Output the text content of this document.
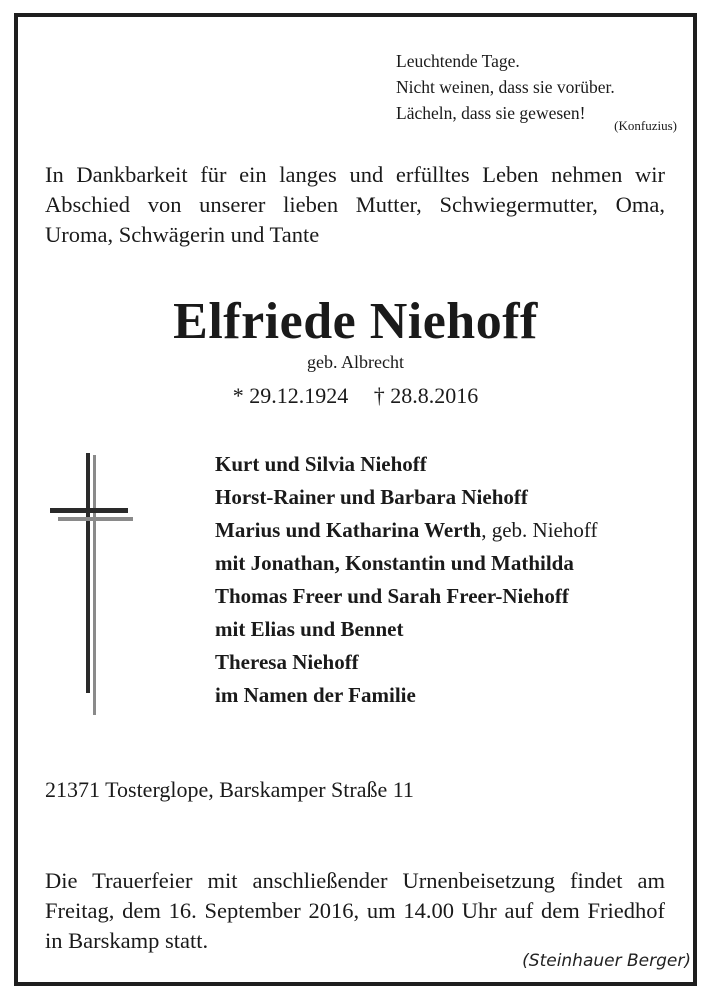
Leuchtende Tage.
Nicht weinen, dass sie vorüber.
Lächeln, dass sie gewesen!
(Konfuzius)
In Dankbarkeit für ein langes und erfülltes Leben nehmen wir Abschied von unserer lieben Mutter, Schwiegermutter, Oma, Uroma, Schwägerin und Tante
Elfriede Niehoff
geb. Albrecht
* 29.12.1924 † 28.8.2016
Kurt und Silvia Niehoff
Horst-Rainer und Barbara Niehoff
Marius und Katharina Werth, geb. Niehoff
mit Jonathan, Konstantin und Mathilda
Thomas Freer und Sarah Freer-Niehoff
mit Elias und Bennet
Theresa Niehoff
im Namen der Familie
21371 Tosterglope, Barskamper Straße 11
Die Trauerfeier mit anschließender Urnenbeisetzung findet am Freitag, dem 16. September 2016, um 14.00 Uhr auf dem Friedhof in Barskamp statt.
(Steinhauer Berger)
